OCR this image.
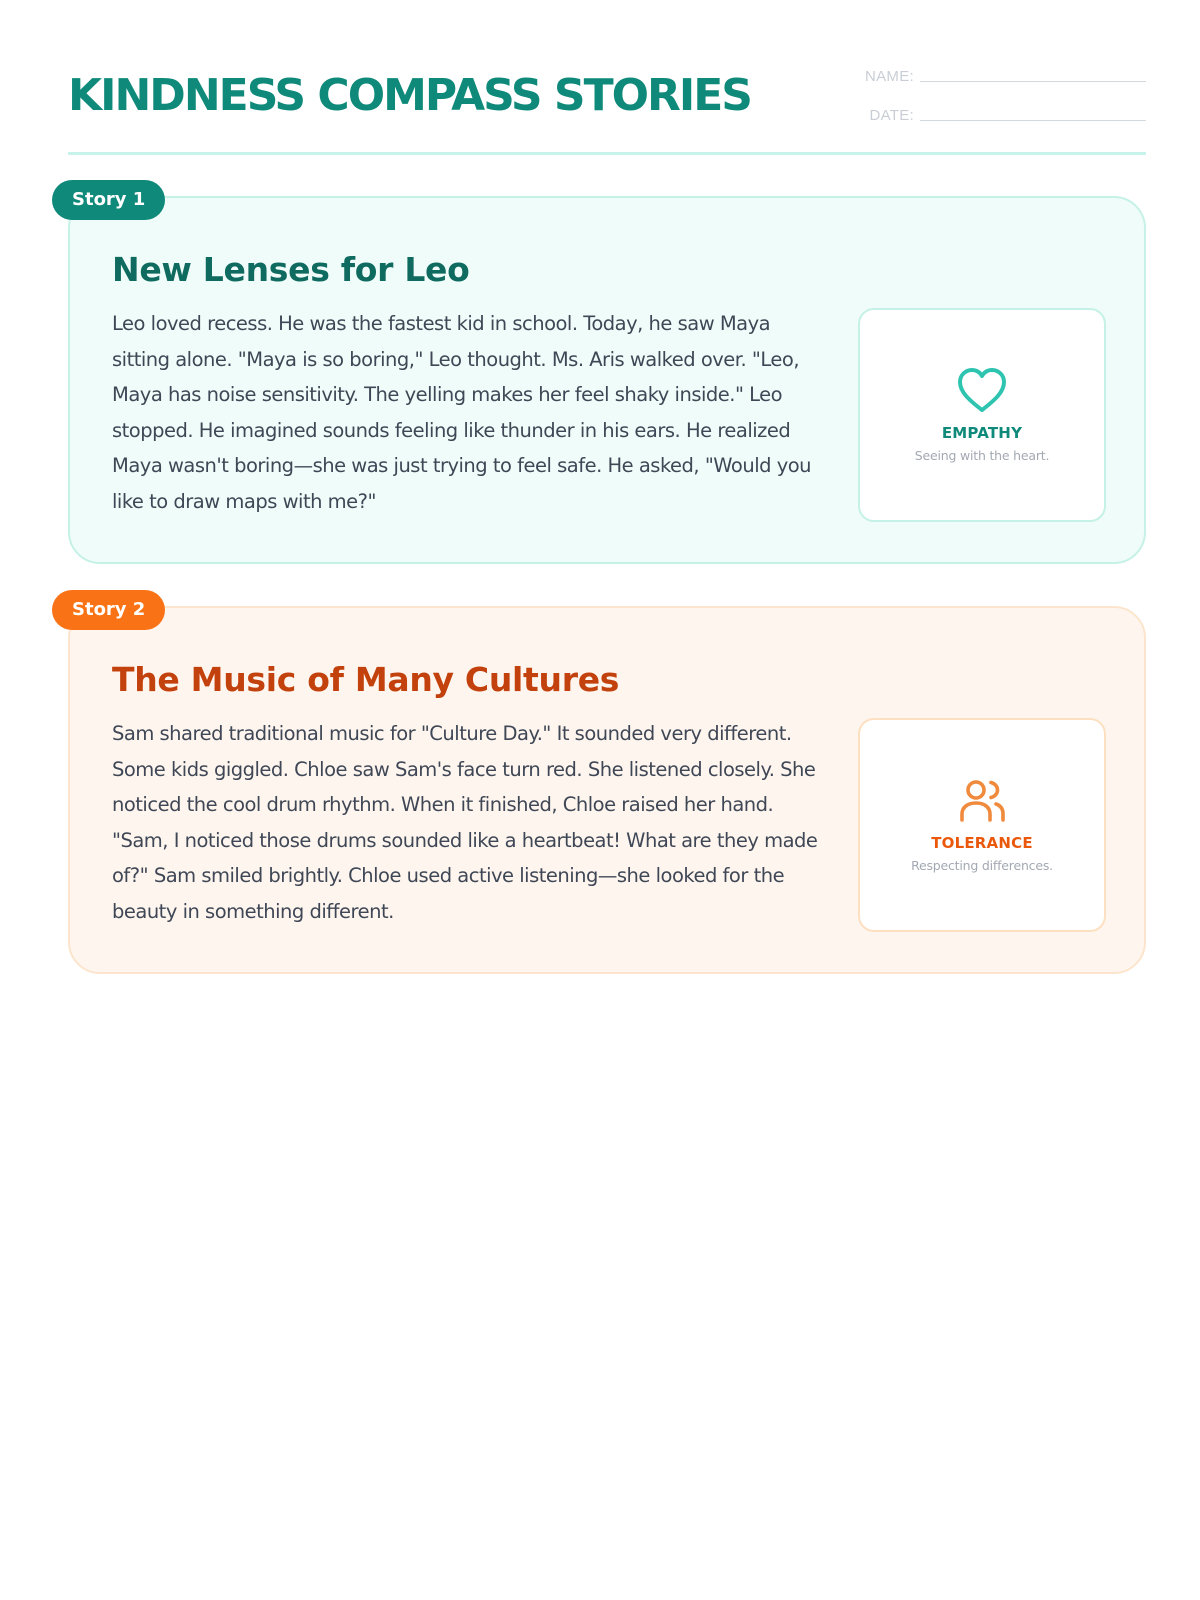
KINDNESS COMPASS STORIES	NAME:
DATE:
Story 1
New Lenses for Leo

Leo loved recess. He was the fastest kid in school. Today, he saw Maya sitting alone. "Maya is so boring," Leo thought. Ms. Aris walked over. "Leo, Maya has noise sensitivity. The yelling makes her feel shaky inside." Leo stopped. He imagined sounds feeling like thunder in his ears. He realized Maya wasn't boring—she was just trying to feel safe. He asked, "Would you like to draw maps with me?"

EMPATHY
Seeing with the heart.
Story 2
The Music of Many Cultures

Sam shared traditional music for "Culture Day." It sounded very different. Some kids giggled. Chloe saw Sam's face turn red. She listened closely. She noticed the cool drum rhythm. When it finished, Chloe raised her hand. "Sam, I noticed those drums sounded like a heartbeat! What are they made of?" Sam smiled brightly. Chloe used active listening—she looked for the beauty in something different.

TOLERANCE
Respecting differences.
